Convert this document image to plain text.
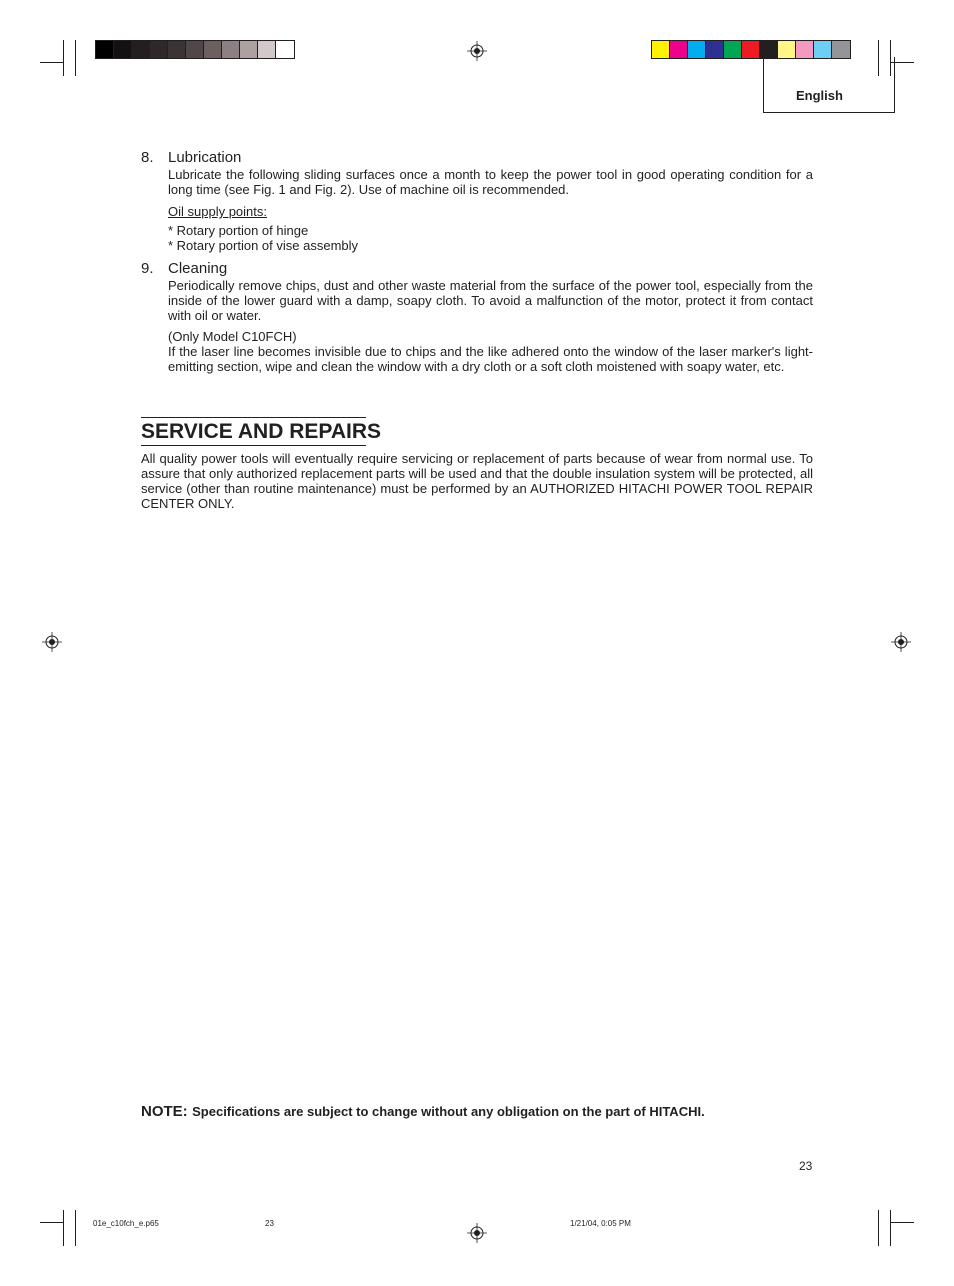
English
8. Lubrication
Lubricate the following sliding surfaces once a month to keep the power tool in good operating condition for a long time (see Fig. 1 and Fig. 2). Use of machine oil is recommended.
Oil supply points:
* Rotary portion of hinge
* Rotary portion of vise assembly
9. Cleaning
Periodically remove chips, dust and other waste material from the surface of the power tool, especially from the inside of the lower guard with a damp, soapy cloth. To avoid a malfunction of the motor, protect it from contact with oil or water.
(Only Model C10FCH)
If the laser line becomes invisible due to chips and the like adhered onto the window of the laser marker's light-emitting section, wipe and clean the window with a dry cloth or a soft cloth moistened with soapy water, etc.
SERVICE AND REPAIRS
All quality power tools will eventually require servicing or replacement of parts because of wear from normal use. To assure that only authorized replacement parts will be used and that the double insulation system will be protected, all service (other than routine maintenance) must be performed by an AUTHORIZED HITACHI POWER TOOL REPAIR CENTER ONLY.
NOTE: Specifications are subject to change without any obligation on the part of HITACHI.
23
01e_c10fch_e.p65	23	1/21/04, 0:05 PM
